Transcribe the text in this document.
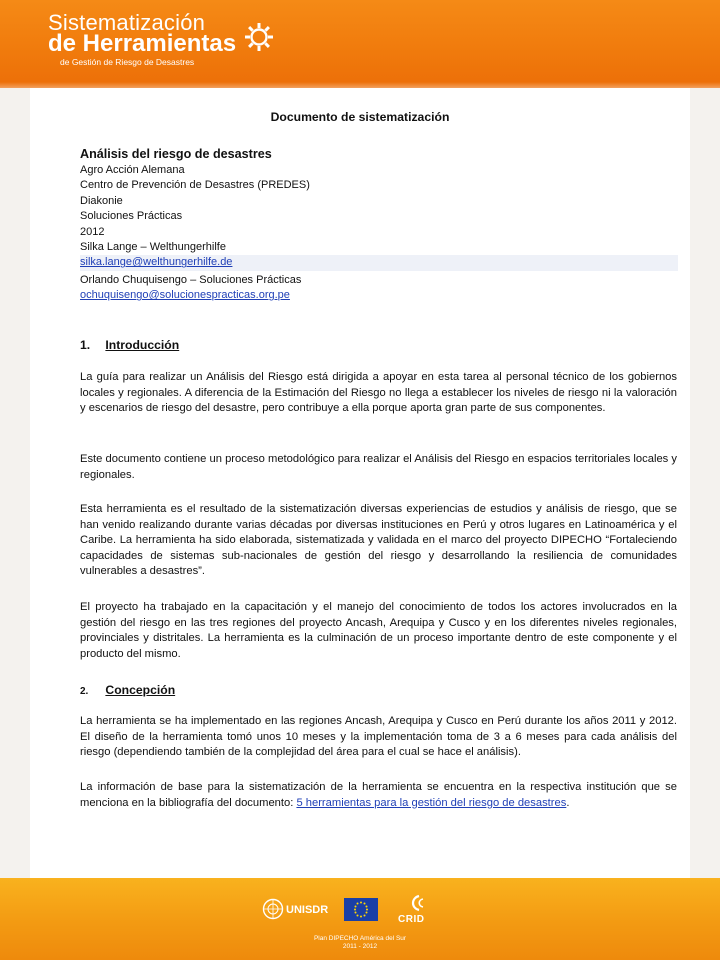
Sistematización
de Herramientas
de Gestión de Riesgo de Desastres
Documento de sistematización
Análisis del riesgo de desastres
Agro Acción Alemana
Centro de Prevención de Desastres (PREDES)
Diakonie
Soluciones Prácticas
2012
Silka Lange – Welthungerhilfe
silka.lange@welthungerhilfe.de
Orlando Chuquisengo – Soluciones Prácticas
ochuquisengo@solucionespracticas.org.pe
1. Introducción

La guía para realizar un Análisis del Riesgo está dirigida a apoyar en esta tarea al personal técnico de los gobiernos locales y regionales. A diferencia de la Estimación del Riesgo no llega a establecer los niveles de riesgo ni la valoración y escenarios de riesgo del desastre, pero contribuye a ella porque aporta gran parte de sus componentes.

Este documento contiene un proceso metodológico para realizar el Análisis del Riesgo en espacios territoriales locales y regionales.

Esta herramienta es el resultado de la sistematización diversas experiencias de estudios y análisis de riesgo, que se han venido realizando durante varias décadas por diversas instituciones en Perú y otros lugares en Latinoamérica y el Caribe. La herramienta ha sido elaborada, sistematizada y validada en el marco del proyecto DIPECHO “Fortaleciendo capacidades de sistemas sub-nacionales de gestión del riesgo y desarrollando la resiliencia de comunidades vulnerables a desastres”.

El proyecto ha trabajado en la capacitación y el manejo del conocimiento de todos los actores involucrados en la gestión del riesgo en las tres regiones del proyecto Ancash, Arequipa y Cusco y en los diferentes niveles regionales, provinciales y distritales. La herramienta es la culminación de un proceso importante dentro de este componente y el producto del mismo.

2. Concepción

La herramienta se ha implementado en las regiones Ancash, Arequipa y Cusco en Perú durante los años 2011 y 2012. El diseño de la herramienta tomó unos 10 meses y la implementación toma de 3 a 6 meses para cada análisis del riesgo (dependiendo también de la complejidad del área para el cual se hace el análisis).

La información de base para la sistematización de la herramienta se encuentra en la respectiva institución que se menciona en la bibliografía del documento: 5 herramientas para la gestión del riesgo de desastres.

UNISDR
CRID
Plan DIPECHO América del Sur
2011 - 2012
